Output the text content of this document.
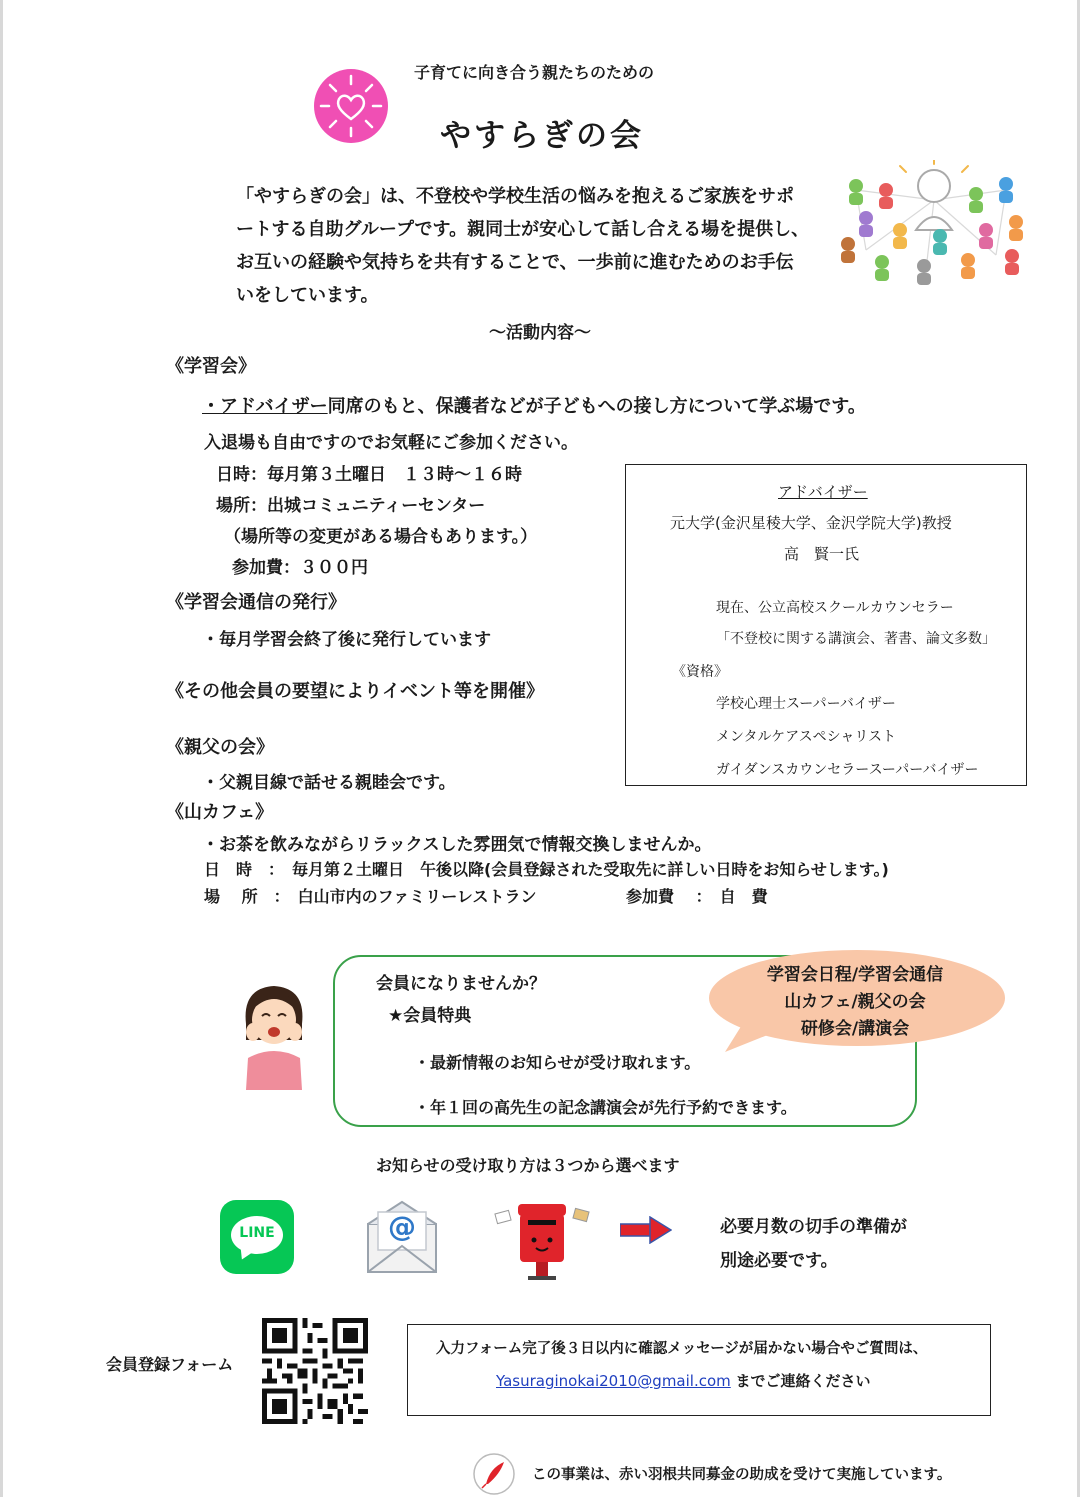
子育てに向き合う親たちのための
やすらぎの会
「やすらぎの会」は、不登校や学校生活の悩みを抱えるご家族をサポ
ートする自助グループです。親同士が安心して話し合える場を提供し、
お互いの経験や気持ちを共有することで、一歩前に進むためのお手伝
いをしています。
～活動内容～
《学習会》
・アドバイザー同席のもと、保護者などが子どもへの接し方について学ぶ場です。
入退場も自由ですのでお気軽にご参加ください。
日時：毎月第３土曜日　１３時～１６時
場所：出城コミュニティーセンター
（場所等の変更がある場合もあります。）
参加費：３００円
《学習会通信の発行》
・毎月学習会終了後に発行しています
《その他会員の要望によりイベント等を開催》
《親父の会》
・父親目線で話せる親睦会です。
《山カフェ》
・お茶を飲みながらリラックスした雰囲気で情報交換しませんか。
日　時　：　毎月第２土曜日　午後以降(会員登録された受取先に詳しい日時をお知らせします。)
場　 所　：　白山市内のファミリーレストラン	参加費　 ：　自　費
アドバイザー
元大学(金沢星稜大学、金沢学院大学)教授
高　賢一氏
現在、公立高校スクールカウンセラー
「不登校に関する講演会、著書、論文多数」
《資格》
学校心理士スーパーバイザー
メンタルケアスペシャリスト
ガイダンスカウンセラースーパーバイザー
会員になりませんか？
★会員特典
・最新情報のお知らせが受け取れます。
・年１回の高先生の記念講演会が先行予約できます。
学習会日程/学習会通信
山カフェ/親父の会
研修会/講演会
お知らせの受け取り方は３つから選べます
LINE	@	必要月数の切手の準備が
別途必要です。
会員登録フォーム
入力フォーム完了後３日以内に確認メッセージが届かない場合やご質問は、
Yasuraginokai2010@gmail.com までご連絡ください
この事業は、赤い羽根共同募金の助成を受けて実施しています。
